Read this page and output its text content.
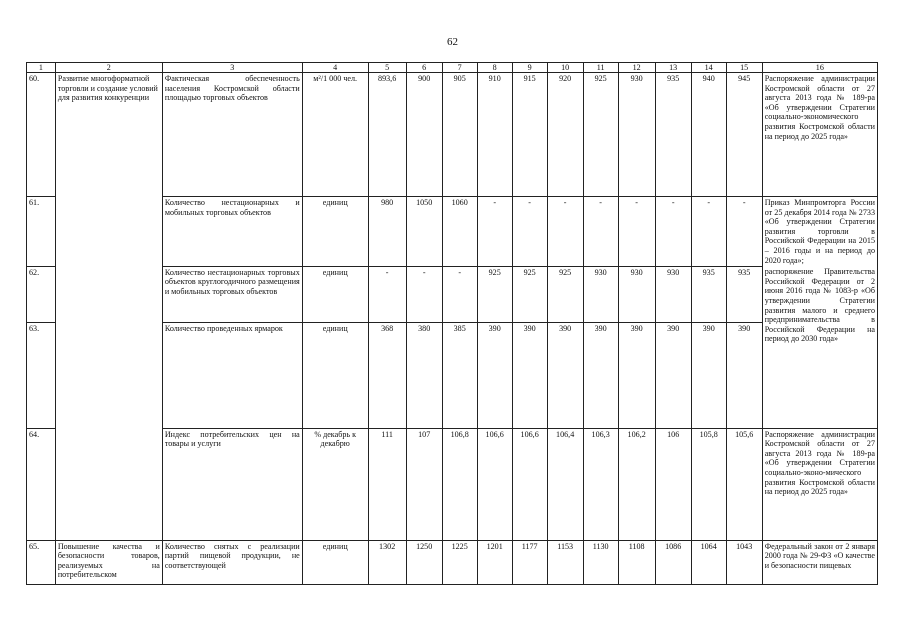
62
1	2	3	4	5	6	7	8	9	10	11	12	13	14	15	16
60.	Развитие многоформатной торговли и создание условий для развития конкуренции	Фактическая обеспеченность населения Костромской области площадью торговых объектов	м²/1 000 чел.	893,6	900	905	910	915	920	925	930	935	940	945	Распоряжение администрации Костромской области от 27 августа 2013 года № 189-ра «Об утверждении Стратегии социально-экономического развития Костромской области на период до 2025 года»
61.		Количество нестационарных и мобильных торговых объектов	единиц	980	1050	1060	-	-	-	-	-	-	-	-	Приказ Минпромторга России от 25 декабря 2014 года № 2733 «Об утверждении Стратегии развития торговли в Российской Федерации на 2015 – 2016 годы и на период до 2020 года»;
62.		Количество нестационарных торговых объектов круглогодичного размещения и мобильных торговых объектов	единиц	-	-	-	925	925	925	930	930	930	935	935	распоряжение Правительства Российской Федерации от 2 июня 2016 года № 1083-р «Об утверждении Стратегии развития малого и среднего предпринимательства в Российской Федерации на период до 2030 года»
63.		Количество проведенных ярмарок	единиц	368	380	385	390	390	390	390	390	390	390	390	
64.		Индекс потребительских цен на товары и услуги	% декабрь к декабрю	111	107	106,8	106,6	106,6	106,4	106,3	106,2	106	105,8	105,6	Распоряжение администрации Костромской области от 27 августа 2013 года № 189-ра «Об утверждении Стратегии социально-эконо-мического развития Костромской области на период до 2025 года»
65.	Повышение качества и безопасности товаров, реализуемых на потребительском	Количество снятых с реализации партий пищевой продукции, не соответствующей	единиц	1302	1250	1225	1201	1177	1153	1130	1108	1086	1064	1043	Федеральный закон от 2 января 2000 года № 29-ФЗ «О качестве и безопасности пищевых
